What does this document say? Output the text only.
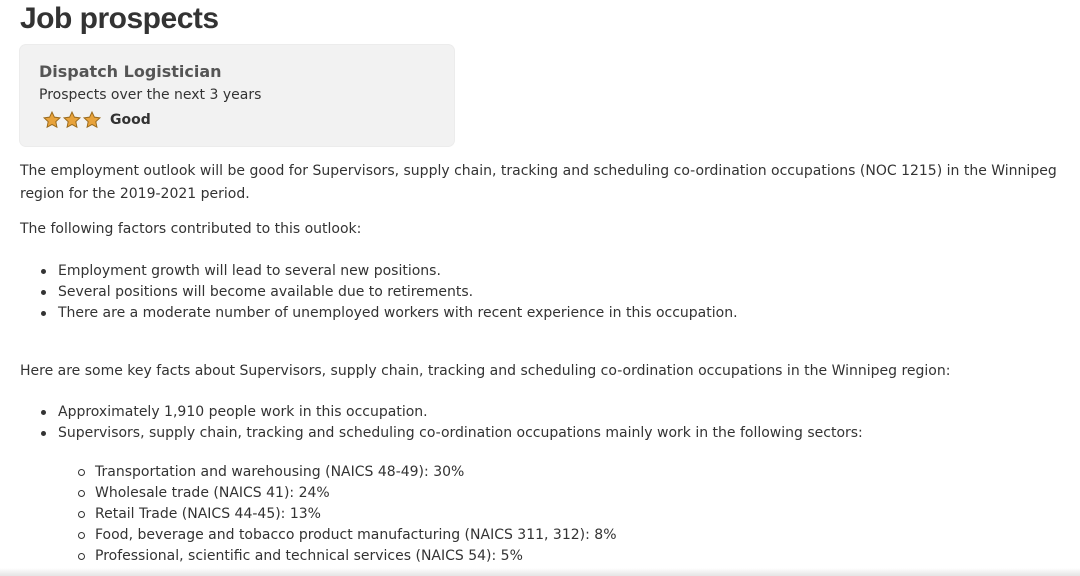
Job prospects
Dispatch Logistician
Prospects over the next 3 years
Good
The employment outlook will be good for Supervisors, supply chain, tracking and scheduling co-ordination occupations (NOC 1215) in the Winnipeg region for the 2019-2021 period.
The following factors contributed to this outlook:
Employment growth will lead to several new positions.
Several positions will become available due to retirements.
There are a moderate number of unemployed workers with recent experience in this occupation.
Here are some key facts about Supervisors, supply chain, tracking and scheduling co-ordination occupations in the Winnipeg region:
Approximately 1,910 people work in this occupation.
Supervisors, supply chain, tracking and scheduling co-ordination occupations mainly work in the following sectors:
Transportation and warehousing (NAICS 48-49): 30%
Wholesale trade (NAICS 41): 24%
Retail Trade (NAICS 44-45): 13%
Food, beverage and tobacco product manufacturing (NAICS 311, 312): 8%
Professional, scientific and technical services (NAICS 54): 5%
